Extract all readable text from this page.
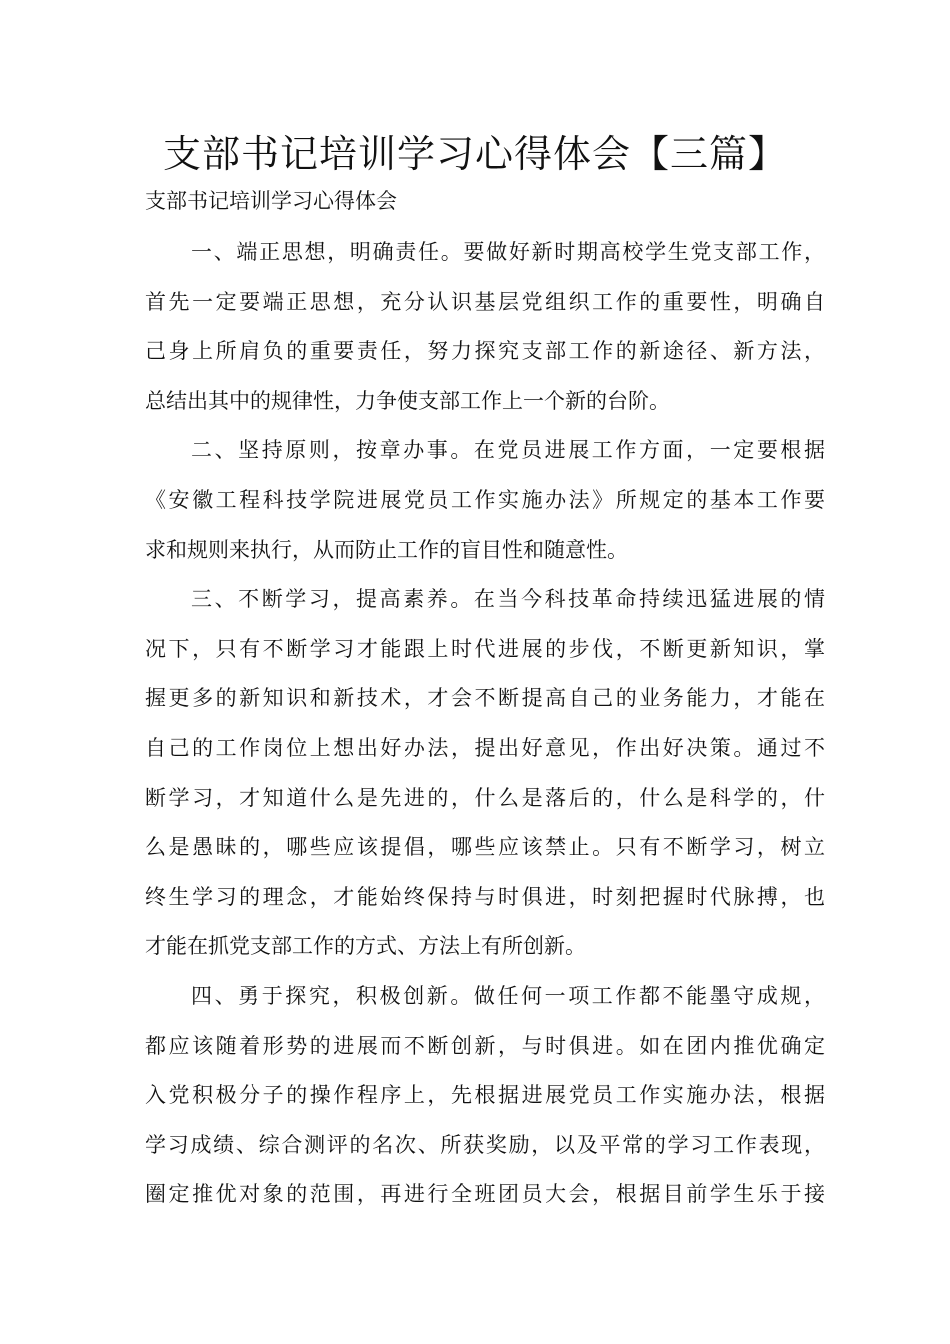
支部书记培训学习心得体会【三篇】
支部书记培训学习心得体会
一、端正思想，明确责任。要做好新时期高校学生党支部工作，
首先一定要端正思想，充分认识基层党组织工作的重要性，明确自
己身上所肩负的重要责任，努力探究支部工作的新途径、新方法，
总结出其中的规律性，力争使支部工作上一个新的台阶。
二、坚持原则，按章办事。在党员进展工作方面，一定要根据
《安徽工程科技学院进展党员工作实施办法》所规定的基本工作要
求和规则来执行，从而防止工作的盲目性和随意性。
三、不断学习，提高素养。在当今科技革命持续迅猛进展的情
况下，只有不断学习才能跟上时代进展的步伐，不断更新知识，掌
握更多的新知识和新技术，才会不断提高自己的业务能力，才能在
自己的工作岗位上想出好办法，提出好意见，作出好决策。通过不
断学习，才知道什么是先进的，什么是落后的，什么是科学的，什
么是愚昧的，哪些应该提倡，哪些应该禁止。只有不断学习，树立
终生学习的理念，才能始终保持与时俱进，时刻把握时代脉搏，也
才能在抓党支部工作的方式、方法上有所创新。
四、勇于探究，积极创新。做任何一项工作都不能墨守成规，
都应该随着形势的进展而不断创新，与时俱进。如在团内推优确定
入党积极分子的操作程序上，先根据进展党员工作实施办法，根据
学习成绩、综合测评的名次、所获奖励，以及平常的学习工作表现，
圈定推优对象的范围，再进行全班团员大会，根据目前学生乐于接
